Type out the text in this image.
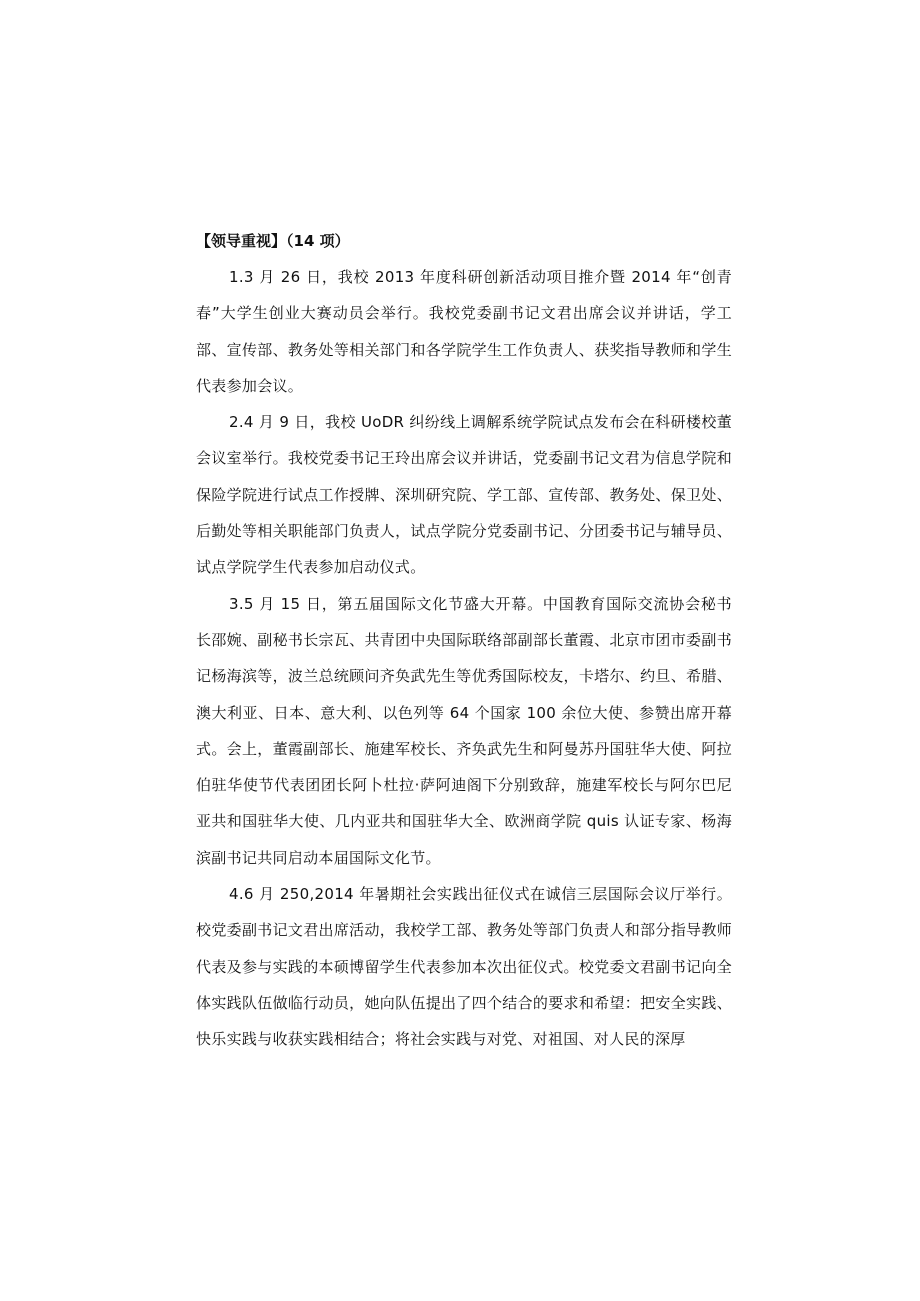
【领导重视】（14 项）

1.3 月 26 日，我校 2013 年度科研创新活动项目推介暨 2014 年“创青春”大学生创业大赛动员会举行。我校党委副书记文君出席会议并讲话，学工部、宣传部、教务处等相关部门和各学院学生工作负责人、获奖指导教师和学生代表参加会议。

2.4 月 9 日，我校 UoDR 纠纷线上调解系统学院试点发布会在科研楼校董会议室举行。我校党委书记王玲出席会议并讲话，党委副书记文君为信息学院和保险学院进行试点工作授牌、深圳研究院、学工部、宣传部、教务处、保卫处、后勤处等相关职能部门负责人，试点学院分党委副书记、分团委书记与辅导员、试点学院学生代表参加启动仪式。

3.5 月 15 日，第五届国际文化节盛大开幕。中国教育国际交流协会秘书长邵婉、副秘书长宗瓦、共青团中央国际联络部副部长董霞、北京市团市委副书记杨海滨等，波兰总统顾问齐奂武先生等优秀国际校友，卡塔尔、约旦、希腊、澳大利亚、日本、意大利、以色列等 64 个国家 100 余位大使、参赞出席开幕式。会上，董霞副部长、施建军校长、齐奂武先生和阿曼苏丹国驻华大使、阿拉伯驻华使节代表团团长阿卜杜拉·萨阿迪阁下分别致辞，施建军校长与阿尔巴尼亚共和国驻华大使、几内亚共和国驻华大全、欧洲商学院 quis 认证专家、杨海滨副书记共同启动本届国际文化节。

4.6 月 250,2014 年暑期社会实践出征仪式在诚信三层国际会议厅举行。校党委副书记文君出席活动，我校学工部、教务处等部门负责人和部分指导教师代表及参与实践的本硕博留学生代表参加本次出征仪式。校党委文君副书记向全体实践队伍做临行动员，她向队伍提出了四个结合的要求和希望：把安全实践、快乐实践与收获实践相结合；将社会实践与对党、对祖国、对人民的深厚
